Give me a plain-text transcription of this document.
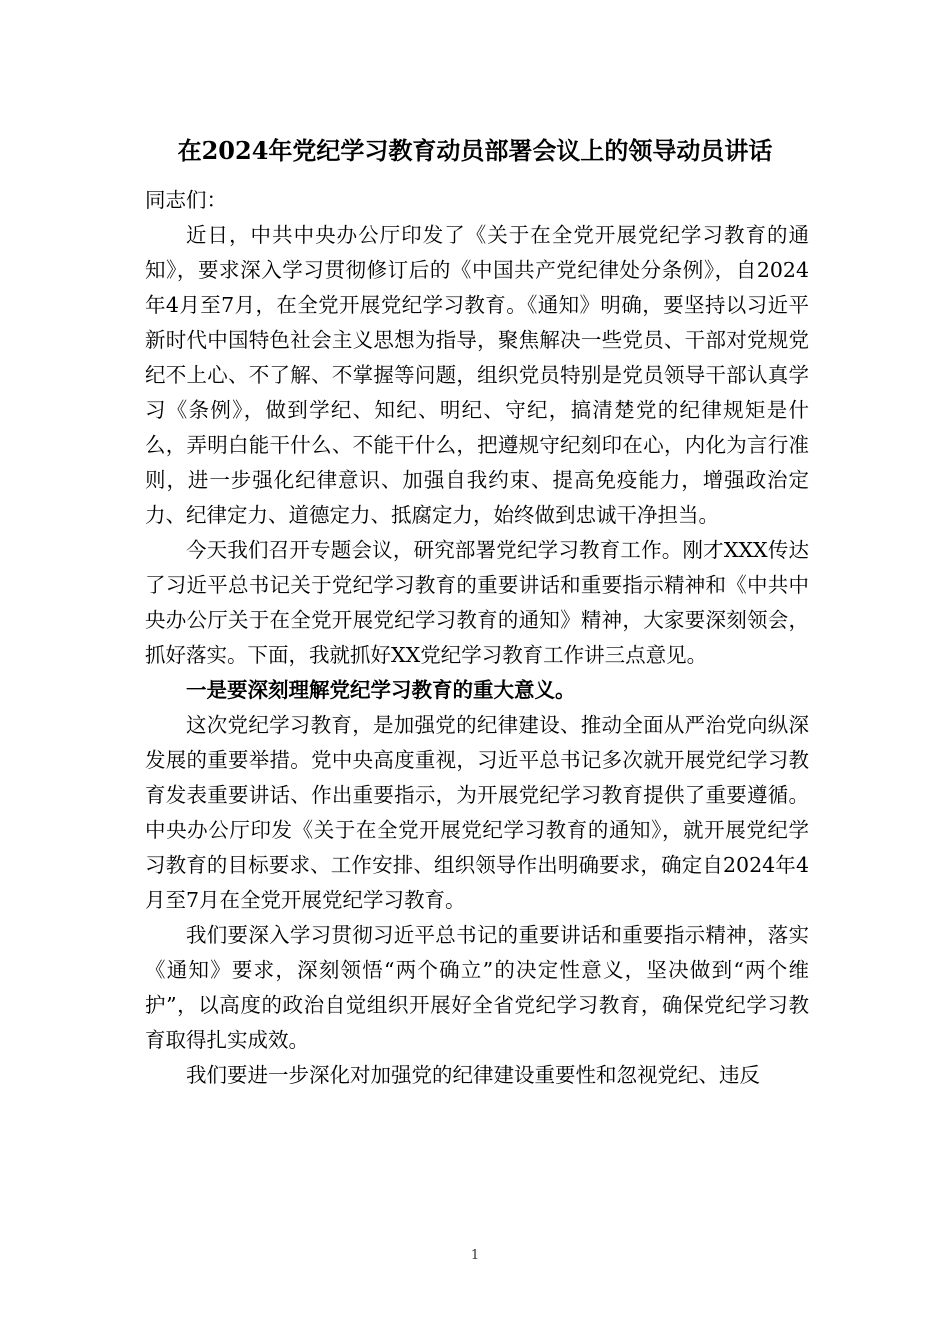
在2024年党纪学习教育动员部署会议上的领导动员讲话

同志们：

近日，中共中央办公厅印发了《关于在全党开展党纪学习教育的通知》，要求深入学习贯彻修订后的《中国共产党纪律处分条例》，自2024年4月至7月，在全党开展党纪学习教育。《通知》明确，要坚持以习近平新时代中国特色社会主义思想为指导，聚焦解决一些党员、干部对党规党纪不上心、不了解、不掌握等问题，组织党员特别是党员领导干部认真学习《条例》，做到学纪、知纪、明纪、守纪，搞清楚党的纪律规矩是什么，弄明白能干什么、不能干什么，把遵规守纪刻印在心，内化为言行准则，进一步强化纪律意识、加强自我约束、提高免疫能力，增强政治定力、纪律定力、道德定力、抵腐定力，始终做到忠诚干净担当。

今天我们召开专题会议，研究部署党纪学习教育工作。刚才XXX传达了习近平总书记关于党纪学习教育的重要讲话和重要指示精神和《中共中央办公厅关于在全党开展党纪学习教育的通知》精神，大家要深刻领会，抓好落实。下面，我就抓好XX党纪学习教育工作讲三点意见。

一是要深刻理解党纪学习教育的重大意义。

这次党纪学习教育，是加强党的纪律建设、推动全面从严治党向纵深发展的重要举措。党中央高度重视，习近平总书记多次就开展党纪学习教育发表重要讲话、作出重要指示，为开展党纪学习教育提供了重要遵循。中央办公厅印发《关于在全党开展党纪学习教育的通知》，就开展党纪学习教育的目标要求、工作安排、组织领导作出明确要求，确定自2024年4月至7月在全党开展党纪学习教育。

我们要深入学习贯彻习近平总书记的重要讲话和重要指示精神，落实《通知》要求，深刻领悟“两个确立”的决定性意义，坚决做到“两个维护”，以高度的政治自觉组织开展好全省党纪学习教育，确保党纪学习教育取得扎实成效。

我们要进一步深化对加强党的纪律建设重要性和忽视党纪、违反

1
